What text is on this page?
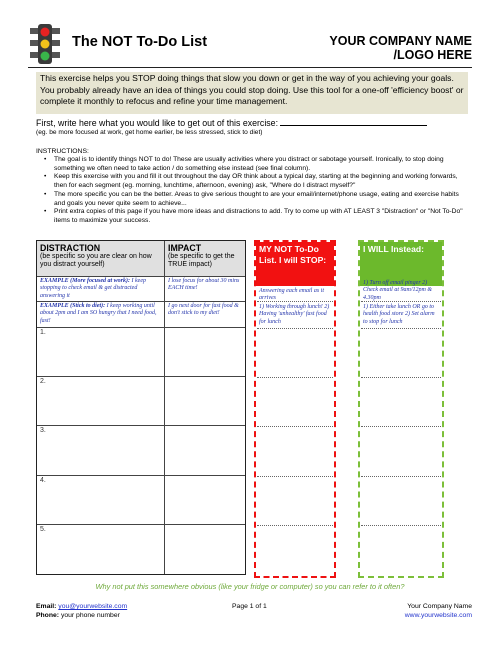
The NOT To-Do List	YOUR COMPANY NAME
/LOGO HERE
This exercise helps you STOP doing things that slow you down or get in the way of you achieving your goals. You probably already have an idea of things you could stop doing. Use this tool for a one-off 'efficiency boost' or complete it monthly to refocus and refine your time management.
First, write here what you would like to get out of this exercise:
(eg. be more focused at work, get home earlier, be less stressed, stick to diet)
INSTRUCTIONS:
• The goal is to identify things NOT to do! These are usually activities where you distract or sabotage yourself. Ironically, to stop doing something we often need to take action / do something else instead (see final column).
• Keep this exercise with you and fill it out throughout the day OR think about a typical day, starting at the beginning and working forwards, then for each segment (eg. morning, lunchtime, afternoon, evening) ask, "Where do I distract myself?"
• The more specific you can be the better. Areas to give serious thought to are your email/internet/phone usage, eating and exercise habits and goals you never quite seem to achieve...
• Print extra copies of this page if you have more ideas and distractions to add. Try to come up with AT LEAST 3 "Distraction" or "Not To-Do" items to maximize your success.
DISTRACTION
(be specific so you are clear on how you distract yourself)
IMPACT
(be specific to get the TRUE impact)
EXAMPLE (More focused at work): I keep stopping to check email & get distracted answering it
I lose focus for about 30 mins EACH time!
EXAMPLE (Stick to diet): I keep working until about 2pm and I am SO hungry that I need food, fast!
I go next door for fast food & don't stick to my diet!
1.
2.
3.
4.
5.
MY NOT To-Do List. I will STOP:
Answering each email as it arrives
1) Working through lunch! 2) Having 'unhealthy' fast food for lunch
I WILL Instead:
1) Turn off email pinger 2) Check email at 9am/12pm & 4.30pm
1) Either take lunch OR go to health food store 2) Set alarm to stop for lunch
Why not put this somewhere obvious (like your fridge or computer) so you can refer to it often?
Email: you@yourwebsite.com
Phone: your phone number
Page 1 of 1	Your Company Name
www.yourwebsite.com
